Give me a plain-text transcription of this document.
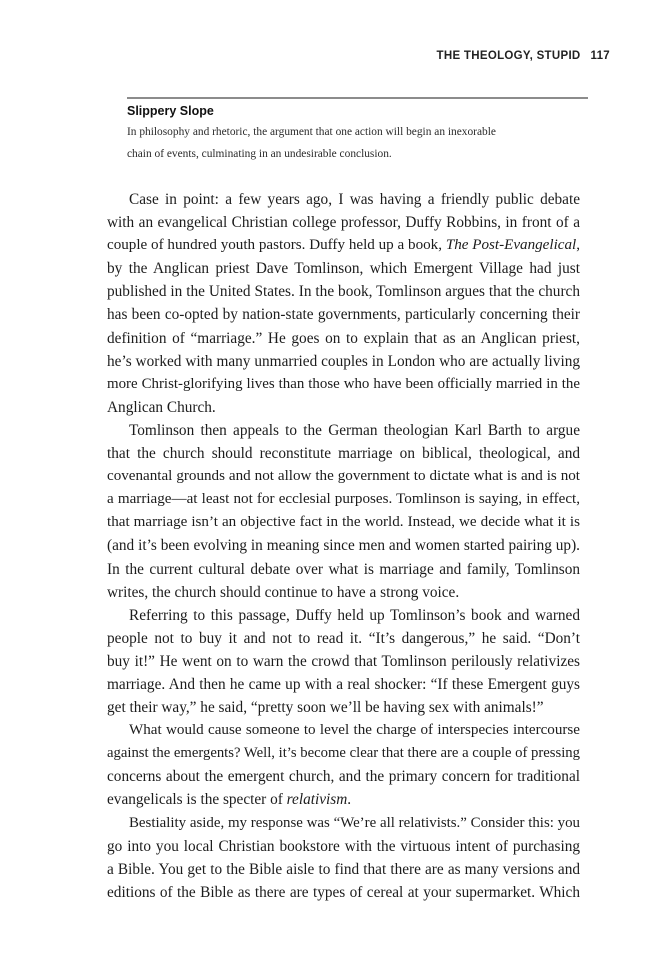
THE THEOLOGY, STUPID 117
Slippery Slope
In philosophy and rhetoric, the argument that one action will begin an inexorable
chain of events, culminating in an undesirable conclusion.
Case in point: a few years ago, I was having a friendly public debate
with an evangelical Christian college professor, Duffy Robbins, in front of a
couple of hundred youth pastors. Duffy held up a book, The Post-Evangelical,
by the Anglican priest Dave Tomlinson, which Emergent Village had just
published in the United States. In the book, Tomlinson argues that the church
has been co-opted by nation-state governments, particularly concerning their
definition of “marriage.” He goes on to explain that as an Anglican priest,
he’s worked with many unmarried couples in London who are actually living
more Christ-glorifying lives than those who have been officially married in the
Anglican Church.
Tomlinson then appeals to the German theologian Karl Barth to argue
that the church should reconstitute marriage on biblical, theological, and
covenantal grounds and not allow the government to dictate what is and is not
a marriage—at least not for ecclesial purposes. Tomlinson is saying, in effect,
that marriage isn’t an objective fact in the world. Instead, we decide what it is
(and it’s been evolving in meaning since men and women started pairing up).
In the current cultural debate over what is marriage and family, Tomlinson
writes, the church should continue to have a strong voice.
Referring to this passage, Duffy held up Tomlinson’s book and warned
people not to buy it and not to read it. “It’s dangerous,” he said. “Don’t
buy it!” He went on to warn the crowd that Tomlinson perilously relativizes
marriage. And then he came up with a real shocker: “If these Emergent guys
get their way,” he said, “pretty soon we’ll be having sex with animals!”
What would cause someone to level the charge of interspecies intercourse
against the emergents? Well, it’s become clear that there are a couple of pressing
concerns about the emergent church, and the primary concern for traditional
evangelicals is the specter of relativism.
Bestiality aside, my response was “We’re all relativists.” Consider this: you
go into you local Christian bookstore with the virtuous intent of purchasing
a Bible. You get to the Bible aisle to find that there are as many versions and
editions of the Bible as there are types of cereal at your supermarket. Which
